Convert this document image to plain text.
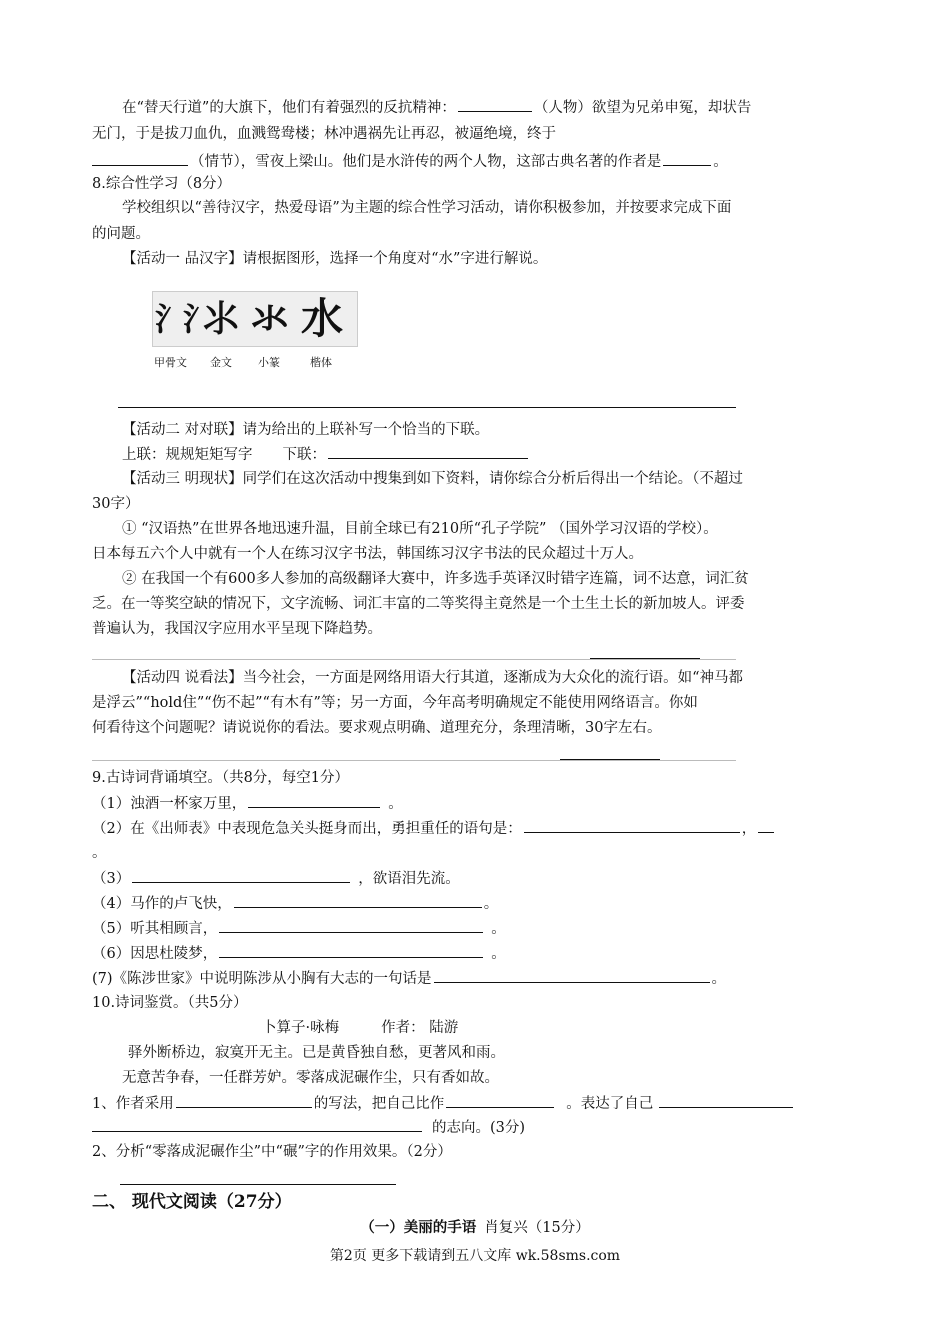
在“替天行道”的大旗下，他们有着强烈的反抗精神：	（人物）欲望为兄弟申冤，却状告
无门，于是拔刀血仇，血溅鸳鸯楼；林冲遇祸先让再忍，被逼绝境，终于
（情节），雪夜上梁山。他们是水浒传的两个人物，这部古典名著的作者是	。
8.综合性学习（8分）
学校组织以“善待汉字，热爱母语”为主题的综合性学习活动，请你积极参加，并按要求完成下面
的问题。
【活动一 品汉字】请根据图形，选择一个角度对“水”字进行解说。
⺡⺡
⺢ 氺 水
甲骨文 金文 小篆	楷体
【活动二 对对联】请为给出的上联补写一个恰当的下联。
上联：规规矩矩写字 下联：
【活动三 明现状】同学们在这次活动中搜集到如下资料，请你综合分析后得出一个结论。（不超过
30字）
① “汉语热”在世界各地迅速升温，目前全球已有210所“孔子学院” （国外学习汉语的学校）。
日本每五六个人中就有一个人在练习汉字书法，韩国练习汉字书法的民众超过十万人。
② 在我国一个有600多人参加的高级翻译大赛中，许多选手英译汉时错字连篇，词不达意，词汇贫
乏。在一等奖空缺的情况下，文字流畅、词汇丰富的二等奖得主竟然是一个土生土长的新加坡人。评委
普遍认为，我国汉字应用水平呈现下降趋势。
【活动四 说看法】当今社会，一方面是网络用语大行其道，逐渐成为大众化的流行语。如“神马都
是浮云”“hold住”“伤不起”“有木有”等；另一方面，今年高考明确规定不能使用网络语言。你如
何看待这个问题呢？请说说你的看法。要求观点明确、道理充分，条理清晰，30字左右。
9.古诗词背诵填空。（共8分，每空1分）
（1）浊酒一杯家万里，	。
（2）在《出师表》中表现危急关头挺身而出，勇担重任的语句是：	，
。
（3）	，欲语泪先流。
（4）马作的卢飞快，	。
（5）听其相顾言，	。
（6）因思杜陵梦，	。
(7)《陈涉世家》中说明陈涉从小胸有大志的一句话是	。
10.诗词鉴赏。（共5分）
卜算子·咏梅	作者： 陆游
驿外断桥边，寂寞开无主。已是黄昏独自愁，更著风和雨。
无意苦争春，一任群芳妒。零落成泥碾作尘，只有香如故。
1、作者采用	的写法，把自己比作	。表达了自己
的志向。(3分)
2、分析“零落成泥碾作尘”中“碾”字的作用效果。（2分）
二、 现代文阅读（27分）
（一）美丽的手语 肖复兴（15分）
第2页 更多下载请到五八文库 wk.58sms.com
